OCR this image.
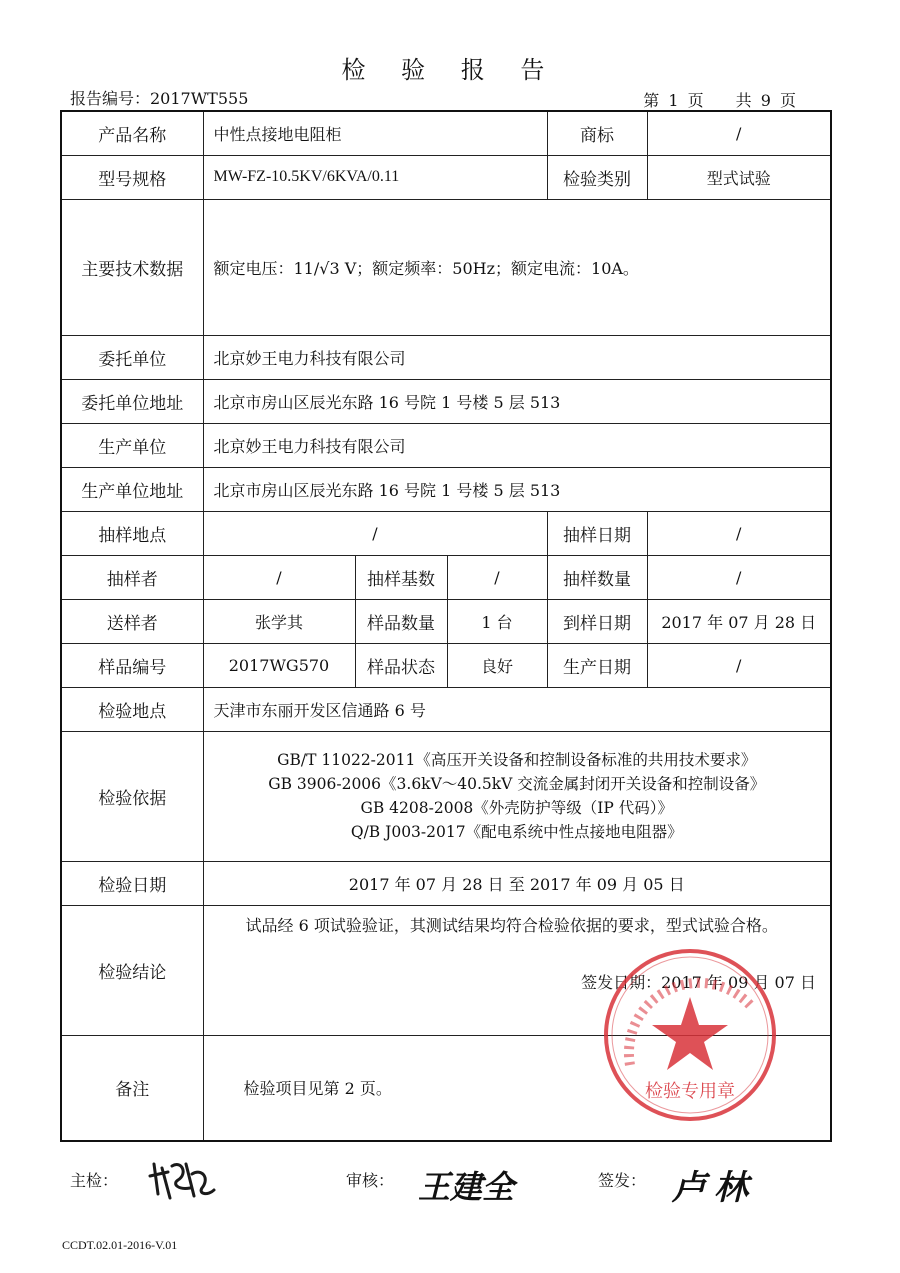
检 验 报 告
报告编号：2017WT555	第 1 页　　共 9 页
产品名称	中性点接地电阻柜			商标	/
型号规格	MW-FZ-10.5KV/6KVA/0.11			检验类别	型式试验
主要技术数据	额定电压：11/√3 V；额定频率：50Hz；额定电流：10A。				
委托单位	北京妙王电力科技有限公司				
委托单位地址	北京市房山区辰光东路 16 号院 1 号楼 5 层 513				
生产单位	北京妙王电力科技有限公司				
生产单位地址	北京市房山区辰光东路 16 号院 1 号楼 5 层 513				
抽样地点	/			抽样日期	/
抽样者	/	抽样基数	/	抽样数量	/
送样者	张学其	样品数量	1 台	到样日期	2017 年 07 月 28 日
样品编号	2017WG570	样品状态	良好	生产日期	/
检验地点	天津市东丽开发区信通路 6 号				
检验依据	GB/T 11022-2011《高压开关设备和控制设备标准的共用技术要求》
GB 3906-2006《3.6kV～40.5kV 交流金属封闭开关设备和控制设备》
GB 4208-2008《外壳防护等级（IP 代码）》
Q/B J003-2017《配电系统中性点接地电阻器》				

检验日期	2017 年 07 月 28 日 至 2017 年 09 月 05 日				
检验结论	试品经 6 项试验验证，其测试结果均符合检验依据的要求，型式试验合格。
签发日期：2017 年 09 月 07 日				

备注	检验项目见第 2 页。					检验专用章
主检：	审核： 王建全	签发： 卢林
CCDT.02.01-2016-V.01
